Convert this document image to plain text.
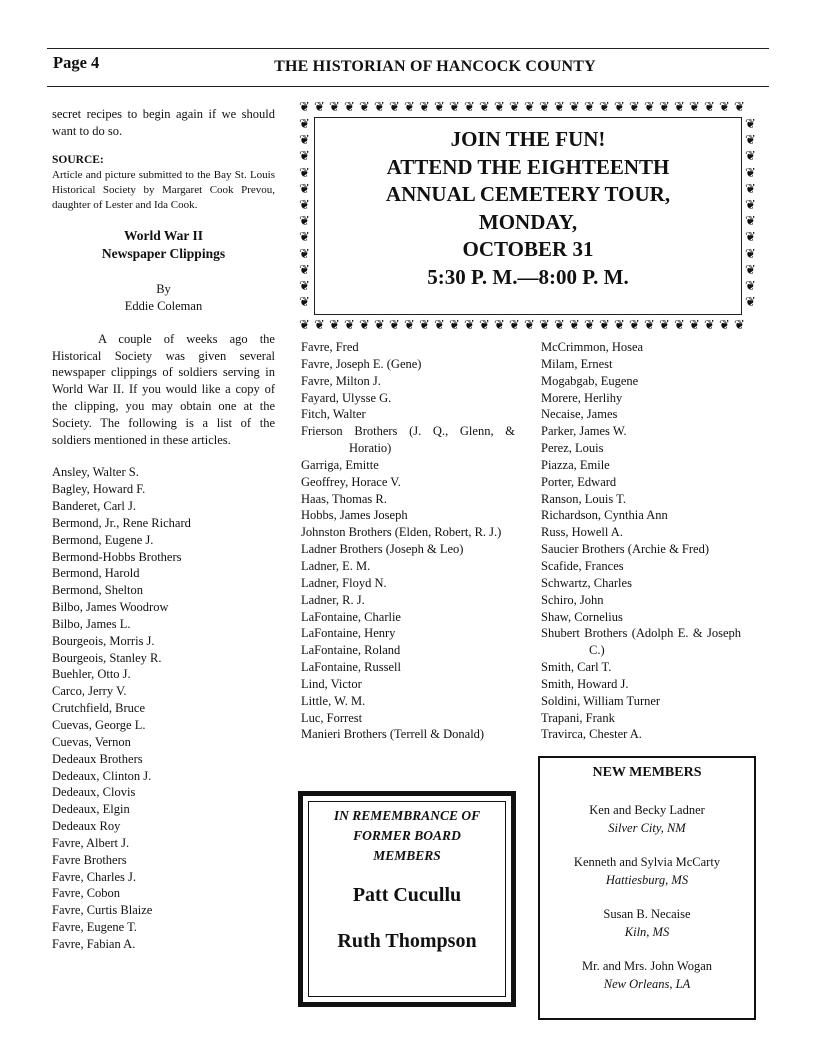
Page 4	THE HISTORIAN OF HANCOCK COUNTY
secret recipes to begin again if we should want to do so.
SOURCE:
Article and picture submitted to the Bay St. Louis Historical Society by Margaret Cook Prevou, daughter of Lester and Ida Cook.
World War II
Newspaper Clippings
By
Eddie Coleman
A couple of weeks ago the Historical Society was given several newspaper clippings of soldiers serving in World War II. If you would like a copy of the clipping, you may obtain one at the Society. The following is a list of the soldiers mentioned in these articles.
Ansley, Walter S.
Bagley, Howard F.
Banderet, Carl J.
Bermond, Jr., Rene Richard
Bermond, Eugene J.
Bermond-Hobbs Brothers
Bermond, Harold
Bermond, Shelton
Bilbo, James Woodrow
Bilbo, James L.
Bourgeois, Morris J.
Bourgeois, Stanley R.
Buehler, Otto J.
Carco, Jerry V.
Crutchfield, Bruce
Cuevas, George L.
Cuevas, Vernon
Dedeaux Brothers
Dedeaux, Clinton J.
Dedeaux, Clovis
Dedeaux, Elgin
Dedeaux Roy
Favre, Albert J.
Favre Brothers
Favre, Charles J.
Favre, Cobon
Favre, Curtis Blaize
Favre, Eugene T.
Favre, Fabian A.
❦ ❦ ❦ ❦ ❦ ❦ ❦ ❦ ❦ ❦ ❦ ❦ ❦ ❦ ❦ ❦ ❦ ❦ ❦ ❦ ❦ ❦ ❦ ❦ ❦ ❦ ❦ ❦ ❦ ❦
❦ ❦ ❦ ❦ ❦ ❦ ❦ ❦ ❦ ❦ ❦ ❦ ❦ ❦ ❦ ❦ ❦ ❦ ❦ ❦ ❦ ❦ ❦ ❦ ❦ ❦ ❦ ❦ ❦ ❦
❦
❦
❦
❦
❦
❦
❦
❦
❦
❦
❦
❦
❦
❦
❦
❦
❦
❦
❦
❦
❦
❦
❦
❦
JOIN THE FUN!
ATTEND THE EIGHTEENTH
ANNUAL CEMETERY TOUR,
MONDAY,
OCTOBER 31
5:30 P. M.—8:00 P. M.
Favre, Fred
Favre, Joseph E. (Gene)
Favre, Milton J.
Fayard, Ulysse G.
Fitch, Walter
Frierson Brothers (J. Q., Glenn, & Horatio)
Garriga, Emitte
Geoffrey, Horace V.
Haas, Thomas R.
Hobbs, James Joseph
Johnston Brothers (Elden, Robert, R. J.)
Ladner Brothers (Joseph & Leo)
Ladner, E. M.
Ladner, Floyd N.
Ladner, R. J.
LaFontaine, Charlie
LaFontaine, Henry
LaFontaine, Roland
LaFontaine, Russell
Lind, Victor
Little, W. M.
Luc, Forrest
Manieri Brothers (Terrell & Donald)
McCrimmon, Hosea
Milam, Ernest
Mogabgab, Eugene
Morere, Herlihy
Necaise, James
Parker, James W.
Perez, Louis
Piazza, Emile
Porter, Edward
Ranson, Louis T.
Richardson, Cynthia Ann
Russ, Howell A.
Saucier Brothers (Archie & Fred)
Scafide, Frances
Schwartz, Charles
Schiro, John
Shaw, Cornelius
Shubert Brothers (Adolph E. & Joseph C.)
Smith, Carl T.
Smith, Howard J.
Soldini, William Turner
Trapani, Frank
Travirca, Chester A.
IN REMEMBRANCE OF
FORMER BOARD
MEMBERS
Patt Cucullu
Ruth Thompson
NEW MEMBERS
Ken and Becky Ladner
Silver City, NM
Kenneth and Sylvia McCarty
Hattiesburg, MS
Susan B. Necaise
Kiln, MS
Mr. and Mrs. John Wogan
New Orleans, LA
